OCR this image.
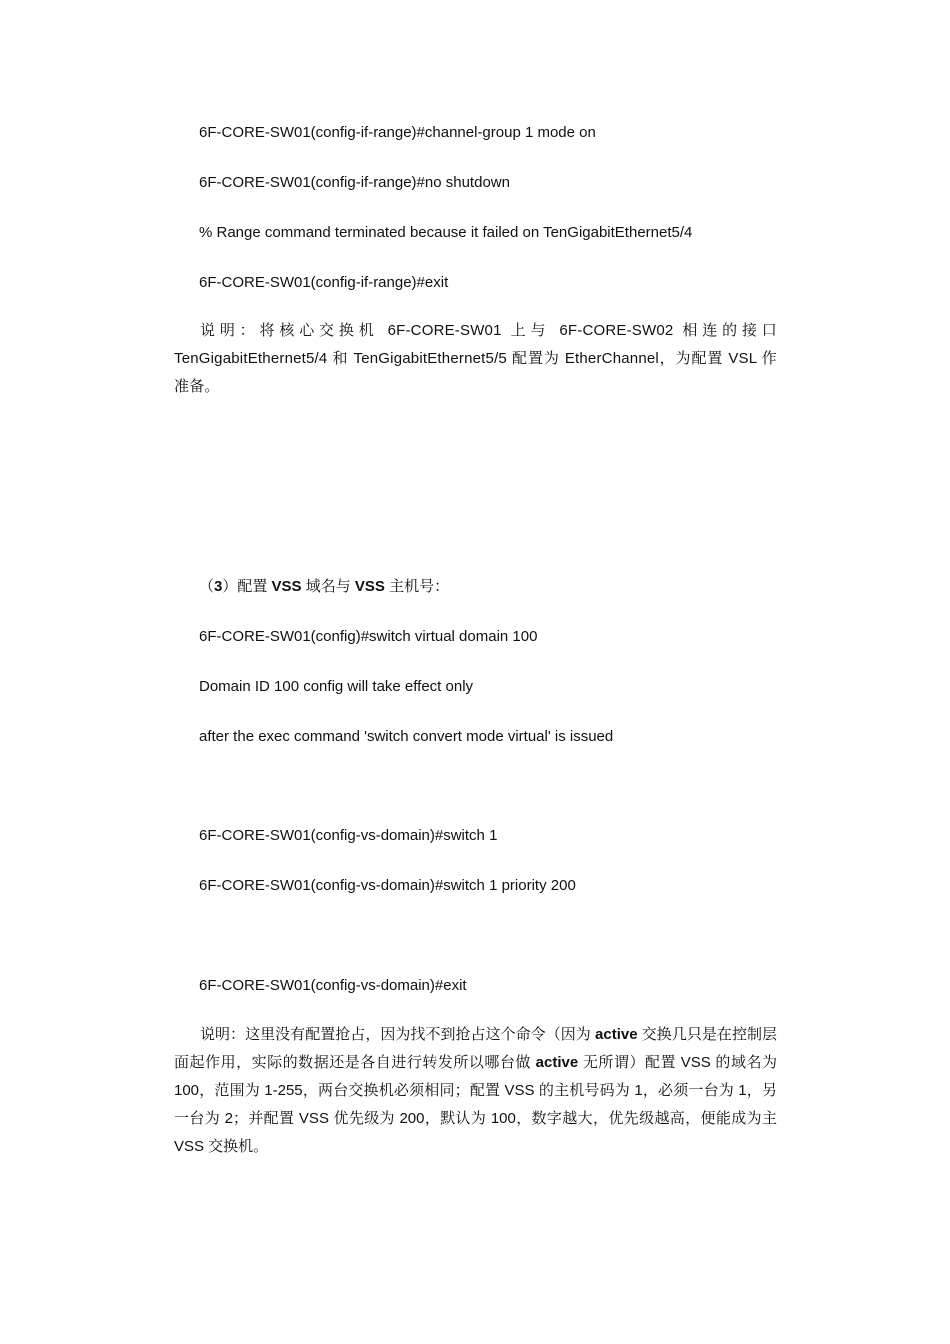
6F-CORE-SW01(config-if-range)#channel-group 1 mode on
6F-CORE-SW01(config-if-range)#no shutdown
% Range command terminated because it failed on TenGigabitEthernet5/4
6F-CORE-SW01(config-if-range)#exit
说明：将核心交换机 6F-CORE-SW01 上与 6F-CORE-SW02 相连的接口 TenGigabitEthernet5/4 和 TenGigabitEthernet5/5 配置为 EtherChannel，为配置 VSL 作准备。
（3）配置 VSS 域名与 VSS 主机号：
6F-CORE-SW01(config)#switch virtual domain 100
Domain ID 100 config will take effect only
after the exec command 'switch convert mode virtual' is issued
6F-CORE-SW01(config-vs-domain)#switch 1
6F-CORE-SW01(config-vs-domain)#switch 1 priority 200
6F-CORE-SW01(config-vs-domain)#exit
说明：这里没有配置抢占，因为找不到抢占这个命令（因为 active 交换几只是在控制层面起作用，实际的数据还是各自进行转发所以哪台做 active 无所谓）配置 VSS 的域名为 100，范围为 1-255，两台交换机必须相同；配置 VSS 的主机号码为 1，必须一台为 1，另一台为 2；并配置 VSS 优先级为 200，默认为 100，数字越大，优先级越高，便能成为主 VSS 交换机。
